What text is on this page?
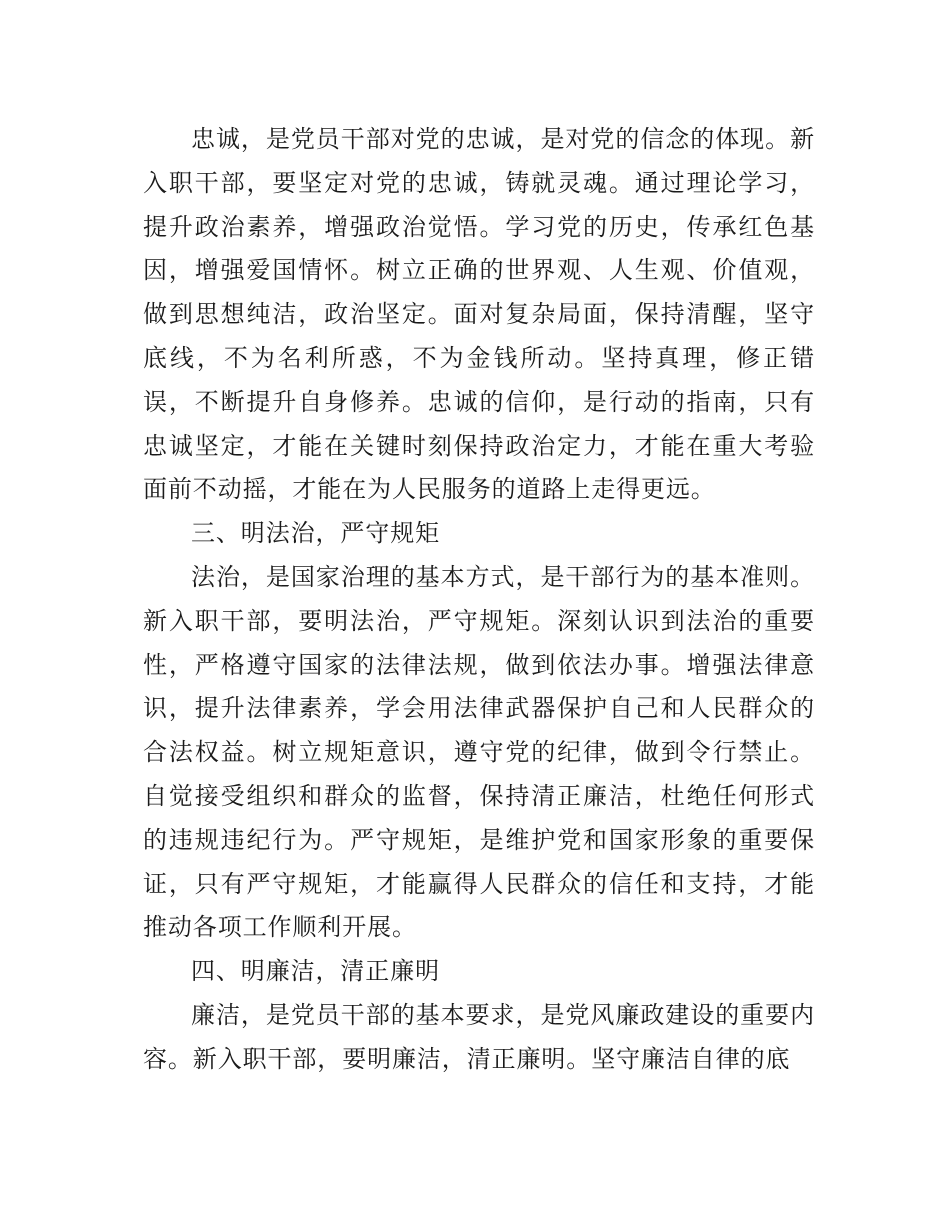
忠诚，是党员干部对党的忠诚，是对党的信念的体现。新入职干部，要坚定对党的忠诚，铸就灵魂。通过理论学习，提升政治素养，增强政治觉悟。学习党的历史，传承红色基因，增强爱国情怀。树立正确的世界观、人生观、价值观，做到思想纯洁，政治坚定。面对复杂局面，保持清醒，坚守底线，不为名利所惑，不为金钱所动。坚持真理，修正错误，不断提升自身修养。忠诚的信仰，是行动的指南，只有忠诚坚定，才能在关键时刻保持政治定力，才能在重大考验面前不动摇，才能在为人民服务的道路上走得更远。

三、明法治，严守规矩

法治，是国家治理的基本方式，是干部行为的基本准则。新入职干部，要明法治，严守规矩。深刻认识到法治的重要性，严格遵守国家的法律法规，做到依法办事。增强法律意识，提升法律素养，学会用法律武器保护自己和人民群众的合法权益。树立规矩意识，遵守党的纪律，做到令行禁止。自觉接受组织和群众的监督，保持清正廉洁，杜绝任何形式的违规违纪行为。严守规矩，是维护党和国家形象的重要保证，只有严守规矩，才能赢得人民群众的信任和支持，才能推动各项工作顺利开展。

四、明廉洁，清正廉明

廉洁，是党员干部的基本要求，是党风廉政建设的重要内容。新入职干部，要明廉洁，清正廉明。坚守廉洁自律的底
